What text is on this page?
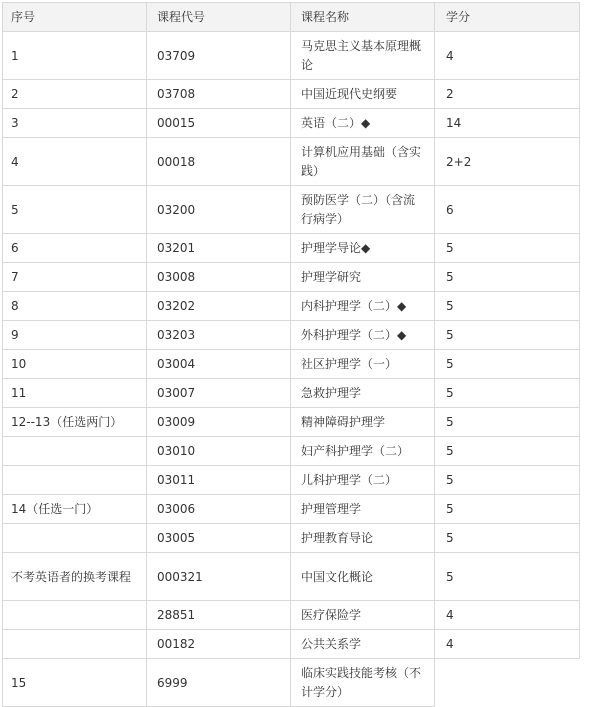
序号	课程代号	课程名称	学分
1	03709	马克思主义基本原理概论	4
2	03708	中国近现代史纲要	2
3	00015	英语（二）◆	14
4	00018	计算机应用基础（含实践）	2+2
5	03200	预防医学（二）（含流行病学）	6
6	03201	护理学导论◆	5
7	03008	护理学研究	5
8	03202	内科护理学（二）◆	5
9	03203	外科护理学（二）◆	5
10	03004	社区护理学（一）	5
11	03007	急救护理学	5
12--13（任选两门）	03009	精神障碍护理学	5
	03010	妇产科护理学（二）	5
	03011	儿科护理学（二）	5
14（任选一门）	03006	护理管理学	5
	03005	护理教育导论	5
不考英语者的换考课程	000321	中国文化概论	5
	28851	医疗保险学	4
	00182	公共关系学	4
15	6999	临床实践技能考核（不计学分）	
